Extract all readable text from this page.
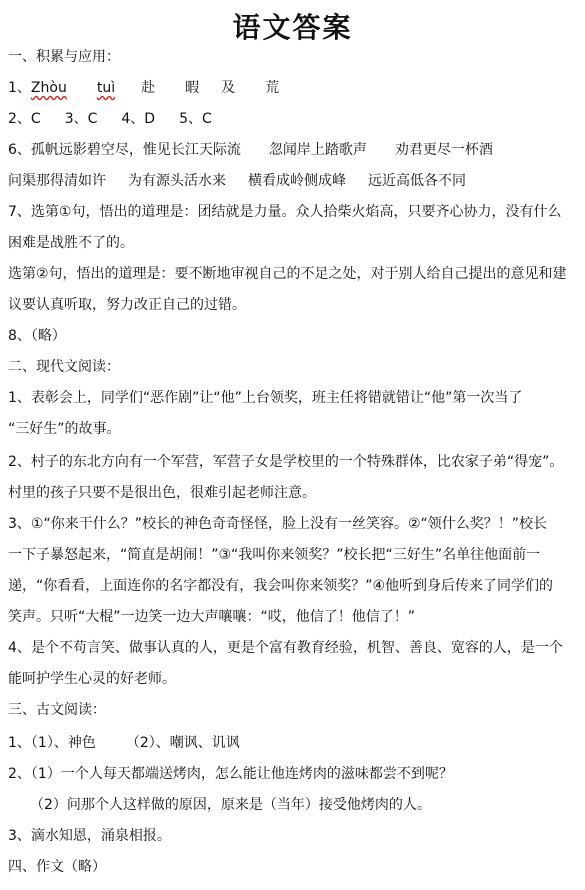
语文答案
一、积累与应用：
1、Zhòu tuì 赴 暇 及 荒
2、C 3、C 4、D 5、C
6、孤帆远影碧空尽，惟见长江天际流 忽闻岸上踏歌声 劝君更尽一杯酒
问渠那得清如许 为有源头活水来 横看成岭侧成峰 远近高低各不同
7、选第①句，悟出的道理是：团结就是力量。众人拾柴火焰高，只要齐心协力，没有什么
困难是战胜不了的。
选第②句，悟出的道理是：要不断地审视自己的不足之处，对于别人给自己提出的意见和建
议要认真听取，努力改正自己的过错。
8、（略）
二、现代文阅读：
1、表彰会上，同学们“恶作剧”让“他”上台领奖，班主任将错就错让“他”第一次当了
“三好生”的故事。
2、村子的东北方向有一个军营，军营子女是学校里的一个特殊群体，比农家子弟“得宠”。
村里的孩子只要不是很出色，很难引起老师注意。
3、①“你来干什么？”校长的神色奇奇怪怪，脸上没有一丝笑容。②“领什么奖？！”校长
一下子暴怒起来，“简直是胡闹！”③“我叫你来领奖？”校长把“三好生”名单往他面前一
递，“你看看，上面连你的名字都没有，我会叫你来领奖？”④他听到身后传来了同学们的
笑声。只听“大棍”一边笑一边大声嚷嚷：“哎，他信了！他信了！”
4、是个不苟言笑、做事认真的人，更是个富有教育经验，机智、善良、宽容的人，是一个
能呵护学生心灵的好老师。
三、古文阅读：
1、（1）、神色 （2）、嘲讽、讥讽
2、（1）一个人每天都端送烤肉，怎么能让他连烤肉的滋味都尝不到呢？
（2）问那个人这样做的原因，原来是（当年）接受他烤肉的人。
3、滴水知恩，涌泉相报。
四、作文（略）
